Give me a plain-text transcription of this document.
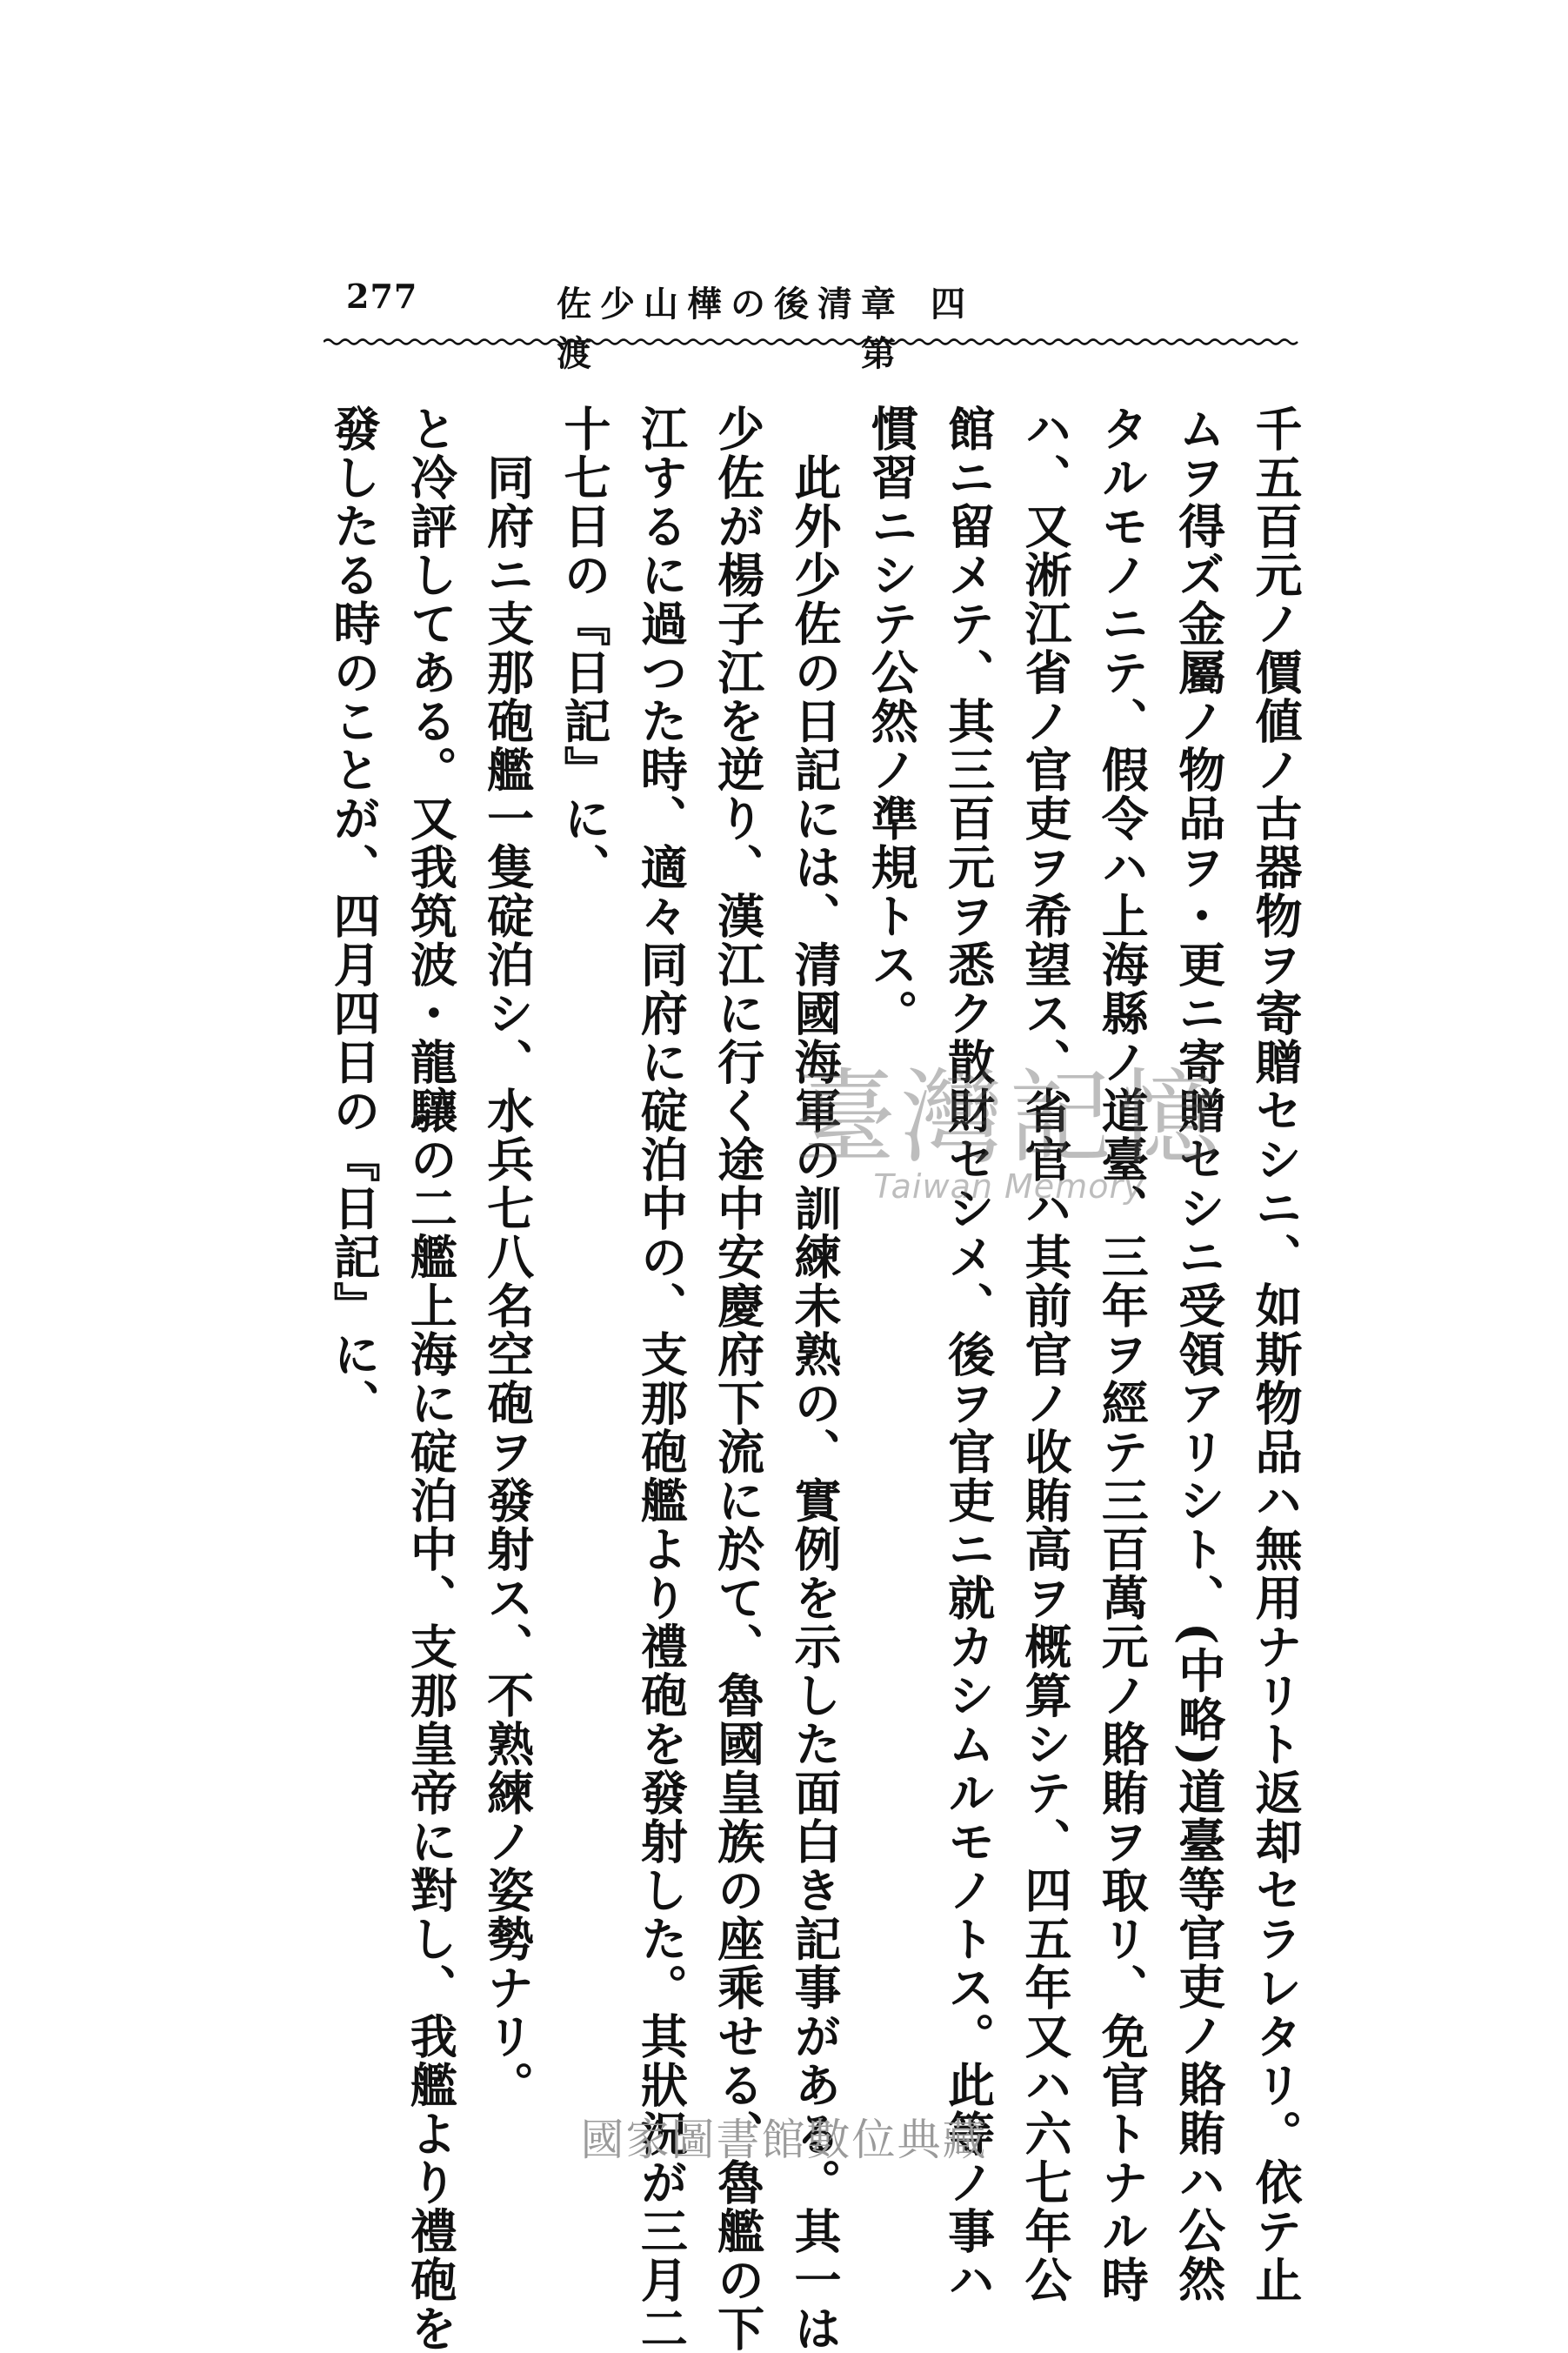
277	佐少山樺の後清渡
章四第
千五百元ノ價値ノ古器物ヲ寄贈セシニ、如斯物品ハ無用ナリト返却セラレタリ。依テ止
ムヲ得ズ金屬ノ物品ヲ・更ニ寄贈セシニ受領アリシト、(中略)道臺等官吏ノ賂賄ハ公然
タルモノニテ、假令ハ上海縣ノ道臺、三年ヲ經テ三百萬元ノ賂賄ヲ取リ、免官トナル時
ハ、又淅江省ノ官吏ヲ希望ス、省官ハ其前官ノ收賄高ヲ概算シテ、四五年又ハ六七年公
館ニ留メテ、其三百元ヲ悉ク散財セシメ、後ヲ官吏ニ就カシムルモノトス。此等ノ事ハ
慣習ニシテ公然ノ準規トス。
此外少佐の日記には、清國海軍の訓練未熟の、實例を示した面白き記事がある。其一は
少佐が楊子江を逆り、漢江に行く途中安慶府下流に於て、魯國皇族の座乘せる、魯艦の下
江するに過つた時、適々同府に碇泊中の、支那砲艦より禮砲を發射した。其狀況が三月二
十七日の『日記』に、
同府ニ支那砲艦一隻碇泊シ、水兵七八名空砲ヲ發射ス、不熟練ノ姿勢ナリ。
と冷評してある。又我筑波・龍驤の二艦上海に碇泊中、支那皇帝に對し、我艦より禮砲を
發したる時のことが、四月四日の『日記』に、	臺灣記憶
Taiwan Memory
國家圖書館數位典藏
